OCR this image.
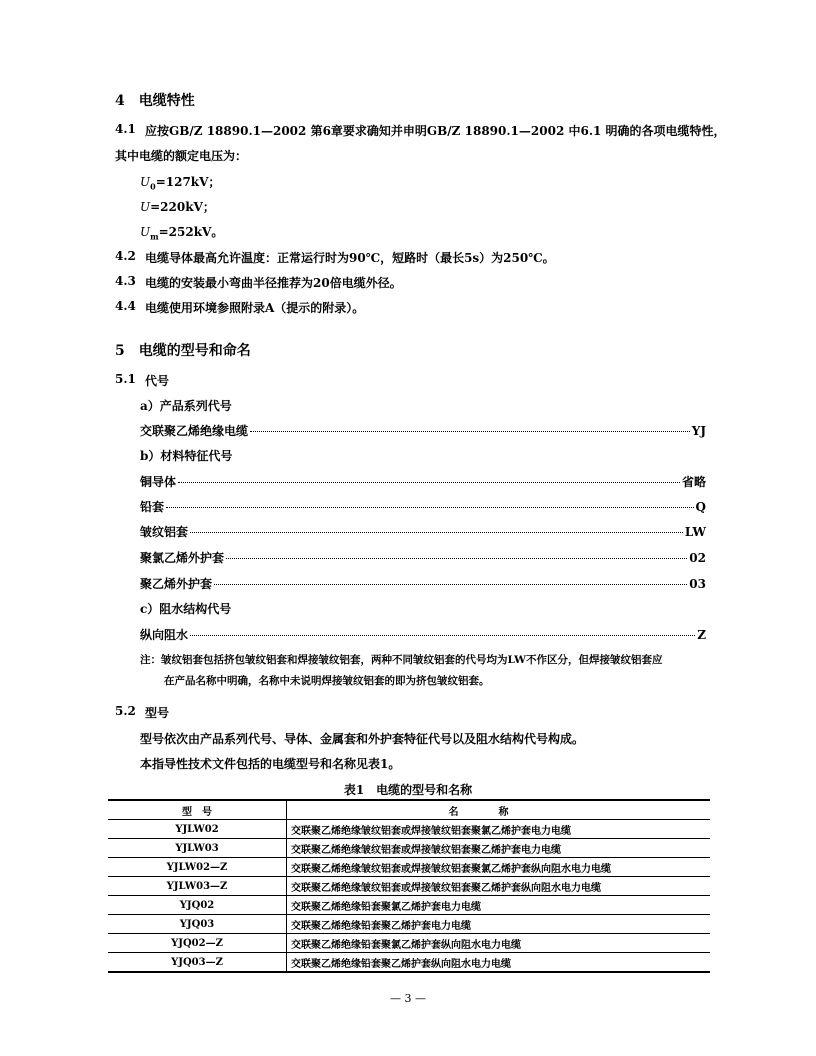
4　电缆特性
4.1 应按GB/Z 18890.1—2002 第6章要求确知并申明GB/Z 18890.1—2002 中6.1 明确的各项电缆特性，
其中电缆的额定电压为：
$U_0=127kV$；
U=220kV；
$U_m=252kV$。
4.2 电缆导体最高允许温度：正常运行时为90℃，短路时（最长5s）为250℃。
4.3 电缆的安装最小弯曲半径推荐为20倍电缆外径。
4.4 电缆使用环境参照附录A（提示的附录）。
5　电缆的型号和命名
5.1 代号
a）产品系列代号
交联聚乙烯绝缘电缆	YJ
b）材料特征代号
铜导体	省略
铅套	Q
皱纹铝套	LW
聚氯乙烯外护套	02
聚乙烯外护套	03
c）阻水结构代号
纵向阻水	Z
注：皱纹铝套包括挤包皱纹铝套和焊接皱纹铝套，两种不同皱纹铝套的代号均为LW不作区分，但焊接皱纹铝套应
在产品名称中明确，名称中未说明焊接皱纹铝套的即为挤包皱纹铝套。
5.2 型号
型号依次由产品系列代号、导体、金属套和外护套特征代号以及阻水结构代号构成。
本指导性技术文件包括的电缆型号和名称见表1。
表1　电缆的型号和名称
型　号	名称
YJLW02	交联聚乙烯绝缘皱纹铝套或焊接皱纹铝套聚氯乙烯护套电力电缆
YJLW03	交联聚乙烯绝缘皱纹铝套或焊接皱纹铝套聚乙烯护套电力电缆
YJLW02—Z	交联聚乙烯绝缘皱纹铝套或焊接皱纹铝套聚氯乙烯护套纵向阻水电力电缆
YJLW03—Z	交联聚乙烯绝缘皱纹铝套或焊接皱纹铝套聚乙烯护套纵向阻水电力电缆
YJQ02	交联聚乙烯绝缘铅套聚氯乙烯护套电力电缆
YJQ03	交联聚乙烯绝缘铅套聚乙烯护套电力电缆
YJQ02—Z	交联聚乙烯绝缘铅套聚氯乙烯护套纵向阻水电力电缆
YJQ03—Z	交联聚乙烯绝缘铅套聚乙烯护套纵向阻水电力电缆
— 3 —
